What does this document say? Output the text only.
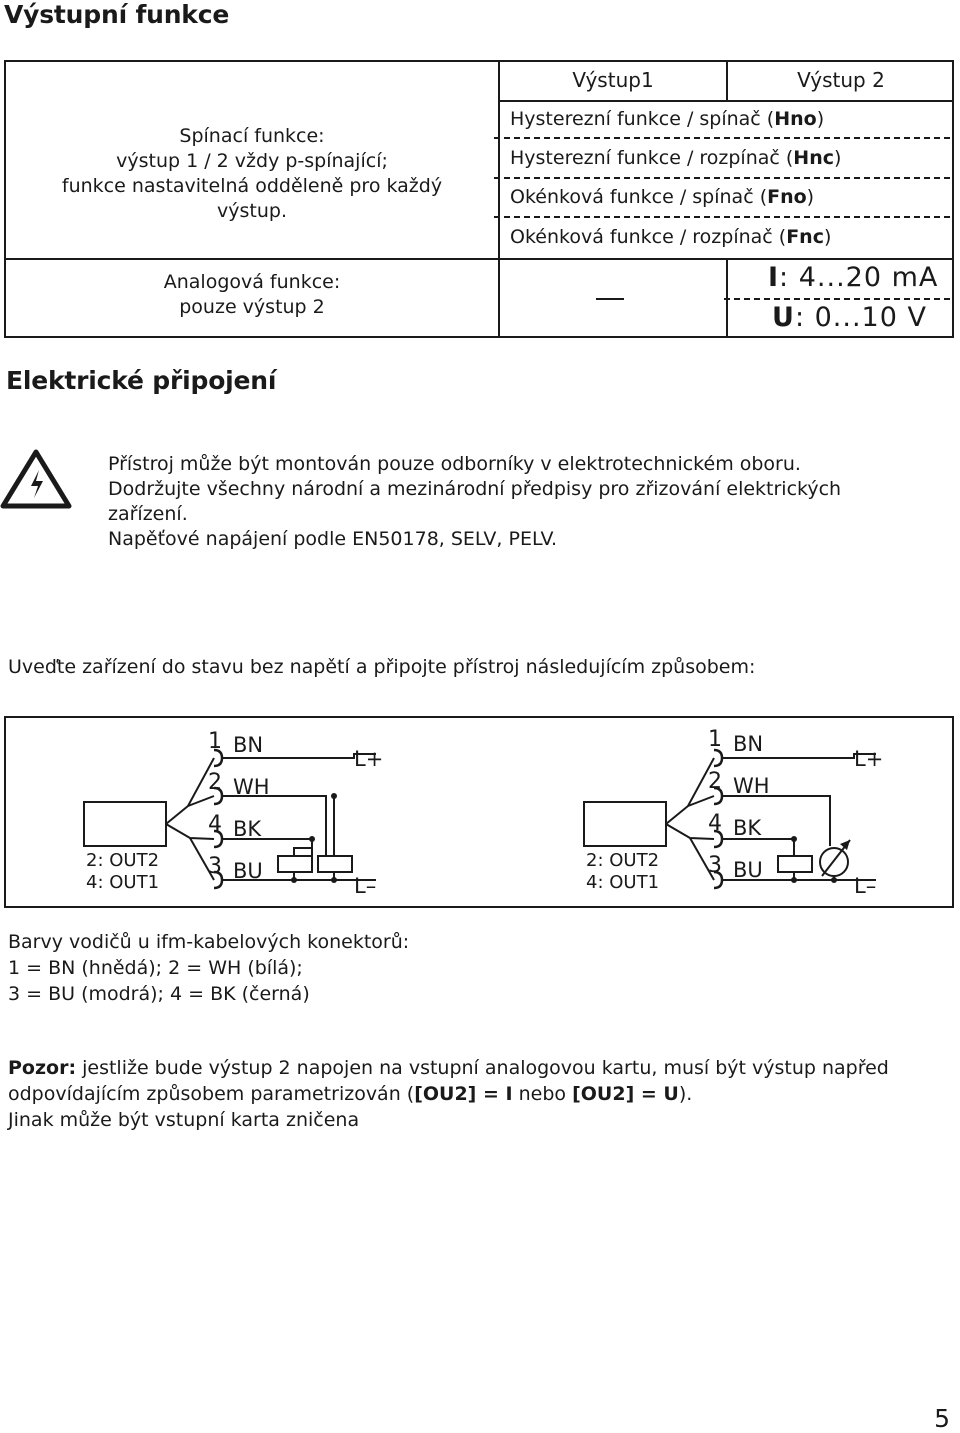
Výstupní funkce
Výstup1	Výstup 2
Spínací funkce:
výstup 1 / 2 vždy p-spínající;
funkce nastavitelná odděleně pro každý
výstup.
Analogová funkce:
pouze výstup 2
Hysterezní funkce / spínač (Hno)
Hysterezní funkce / rozpínač (Hnc)
Okénková funkce / spínač (Fno)
Okénková funkce / rozpínač (Fnc)
I: 4...20 mA
U: 0...10 V
Elektrické připojení
Přístroj může být montován pouze odborníky v elektrotechnickém oboru.
Dodržujte všechny národní a mezinárodní předpisy pro zřizování elektrických
zařízení.
Napěťové napájení podle EN50178, SELV, PELV.
Uveďte zařízení do stavu bez napětí a připojte přístroj následujícím způsobem:
1 BN
2 WH
4 BK
3 BU
L+
L–
2: OUT2
4: OUT1
1 BN
2 WH
4 BK
3 BU
L+
L–
2: OUT2
4: OUT1
Barvy vodičů u ifm-kabelových konektorů:
1 = BN (hnědá); 2 = WH (bílá);
3 = BU (modrá); 4 = BK (černá)
Pozor: jestliže bude výstup 2 napojen na vstupní analogovou kartu, musí být výstup napřed
odpovídajícím způsobem parametrizován ([OU2] = I nebo [OU2] = U).
Jinak může být vstupní karta zničena
5
